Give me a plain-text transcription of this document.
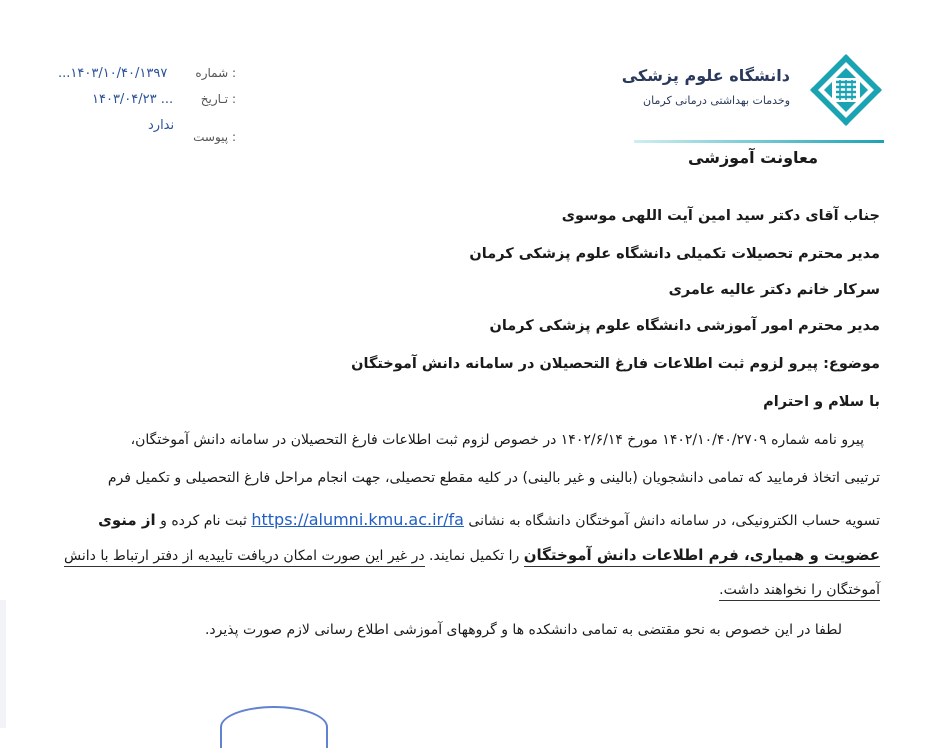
شماره :
...۱۴۰۳/۱۰/۴۰/۱۳۹۷
تـاریخ :
۱۴۰۳/۰۴/۲۳ ...
پیوست :
ندارد
دانشگاه علوم پزشکی
وخدمات بهداشتی درمانی کرمان
معاونت آموزشی
جناب آقای دکتر سید امین آیت اللهی موسوی
مدیر محترم تحصیلات تکمیلی دانشگاه علوم پزشکی کرمان
سرکار خانم دکتر عالیه عامری
مدیر محترم امور آموزشی دانشگاه علوم پزشکی کرمان
موضوع: پیرو لزوم ثبت اطلاعات فارغ التحصیلان در سامانه دانش آموختگان
با سلام و احترام
پیرو نامه شماره ۱۴۰۲/۱۰/۴۰/۲۷۰۹ مورخ ۱۴۰۲/۶/۱۴ در خصوص لزوم ثبت اطلاعات فارغ التحصیلان در سامانه دانش آموختگان،
ترتیبی اتخاذ فرمایید که تمامی دانشجویان (بالینی و غیر بالینی) در کلیه مقطع تحصیلی، جهت انجام مراحل فارغ التحصیلی و تکمیل فرم
تسویه حساب الکترونیکی، در سامانه دانش آموختگان دانشگاه به نشانی https://alumni.kmu.ac.ir/fa ثبت نام کرده و از منوی
عضویت و همیاری، فرم اطلاعات دانش آموختگان را تکمیل نمایند. در غیر این صورت امکان دریافت تاییدیه از دفتر ارتباط با دانش
آموختگان را نخواهند داشت.
لطفا در این خصوص به نحو مقتضی به تمامی دانشکده ها و گروههای آموزشی اطلاع رسانی لازم صورت پذیرد.
